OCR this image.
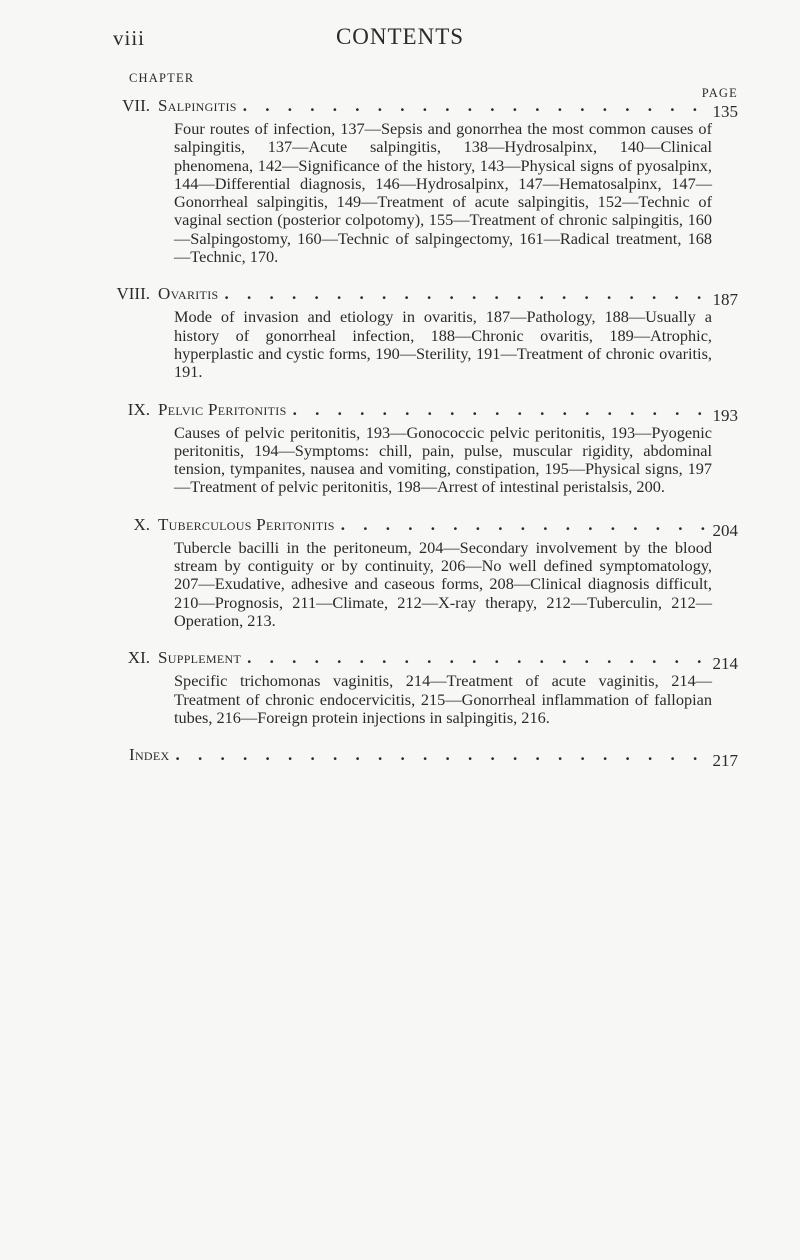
viii	CONTENTS
CHAPTER
PAGE
VII. Salpingitis . . .	135
Four routes of infection, 137—Sepsis and gonorrhea the most common causes of salpingitis, 137—Acute salpingitis, 138—Hydrosalpinx, 140—Clinical phenomena, 142—Significance of the history, 143—Physical signs of pyosalpinx, 144—Differential diagnosis, 146—Hydrosalpinx, 147—Hematosalpinx, 147—Gonorrheal salpingitis, 149—Treatment of acute salpingitis, 152—Technic of vaginal section (posterior colpotomy), 155—Treatment of chronic salpingitis, 160—Salpingostomy, 160—Technic of salpingectomy, 161—Radical treatment, 168—Technic, 170.
VIII. Ovaritis . . .	187
Mode of invasion and etiology in ovaritis, 187—Pathology, 188—Usually a history of gonorrheal infection, 188—Chronic ovaritis, 189—Atrophic, hyperplastic and cystic forms, 190—Sterility, 191—Treatment of chronic ovaritis, 191.
IX. Pelvic Peritonitis . . .	193
Causes of pelvic peritonitis, 193—Gonococcic pelvic peritonitis, 193—Pyogenic peritonitis, 194—Symptoms: chill, pain, pulse, muscular rigidity, abdominal tension, tympanites, nausea and vomiting, constipation, 195—Physical signs, 197—Treatment of pelvic peritonitis, 198—Arrest of intestinal peristalsis, 200.
X. Tuberculous Peritonitis . . .	204
Tubercle bacilli in the peritoneum, 204—Secondary involvement by the blood stream by contiguity or by continuity, 206—No well defined symptomatology, 207—Exudative, adhesive and caseous forms, 208—Clinical diagnosis difficult, 210—Prognosis, 211—Climate, 212—X-ray therapy, 212—Tuberculin, 212—Operation, 213.
XI. Supplement . . .	214
Specific trichomonas vaginitis, 214—Treatment of acute vaginitis, 214—Treatment of chronic endocervicitis, 215—Gonorrheal inflammation of fallopian tubes, 216—Foreign protein injections in salpingitis, 216.
Index . . .	217
